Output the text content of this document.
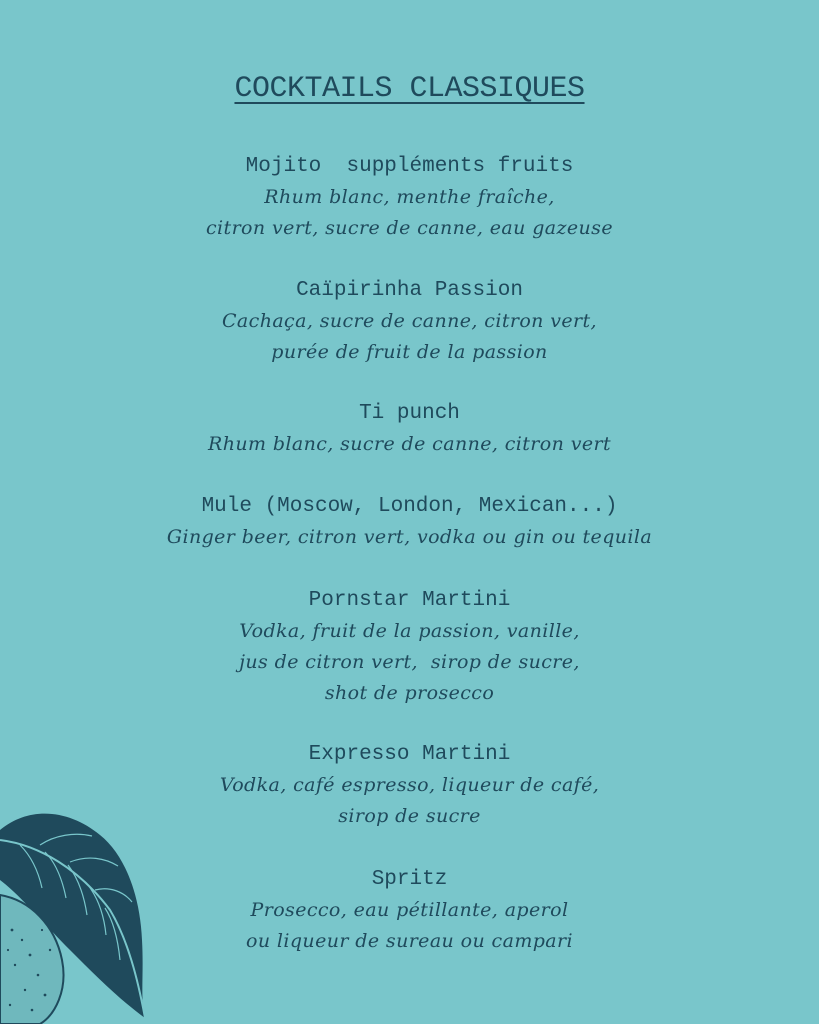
COCKTAILS CLASSIQUES
Mojito  suppléments fruits
Rhum blanc, menthe fraîche,
citron vert, sucre de canne, eau gazeuse
Caïpirinha Passion
Cachaça, sucre de canne, citron vert,
purée de fruit de la passion
Ti punch
Rhum blanc, sucre de canne, citron vert
Mule (Moscow, London, Mexican...)
Ginger beer, citron vert, vodka ou gin ou tequila
Pornstar Martini
Vodka, fruit de la passion, vanille,
jus de citron vert,  sirop de sucre,
shot de prosecco
Expresso Martini
Vodka, café espresso, liqueur de café,
sirop de sucre
Spritz
Prosecco, eau pétillante, aperol
ou liqueur de sureau ou campari
